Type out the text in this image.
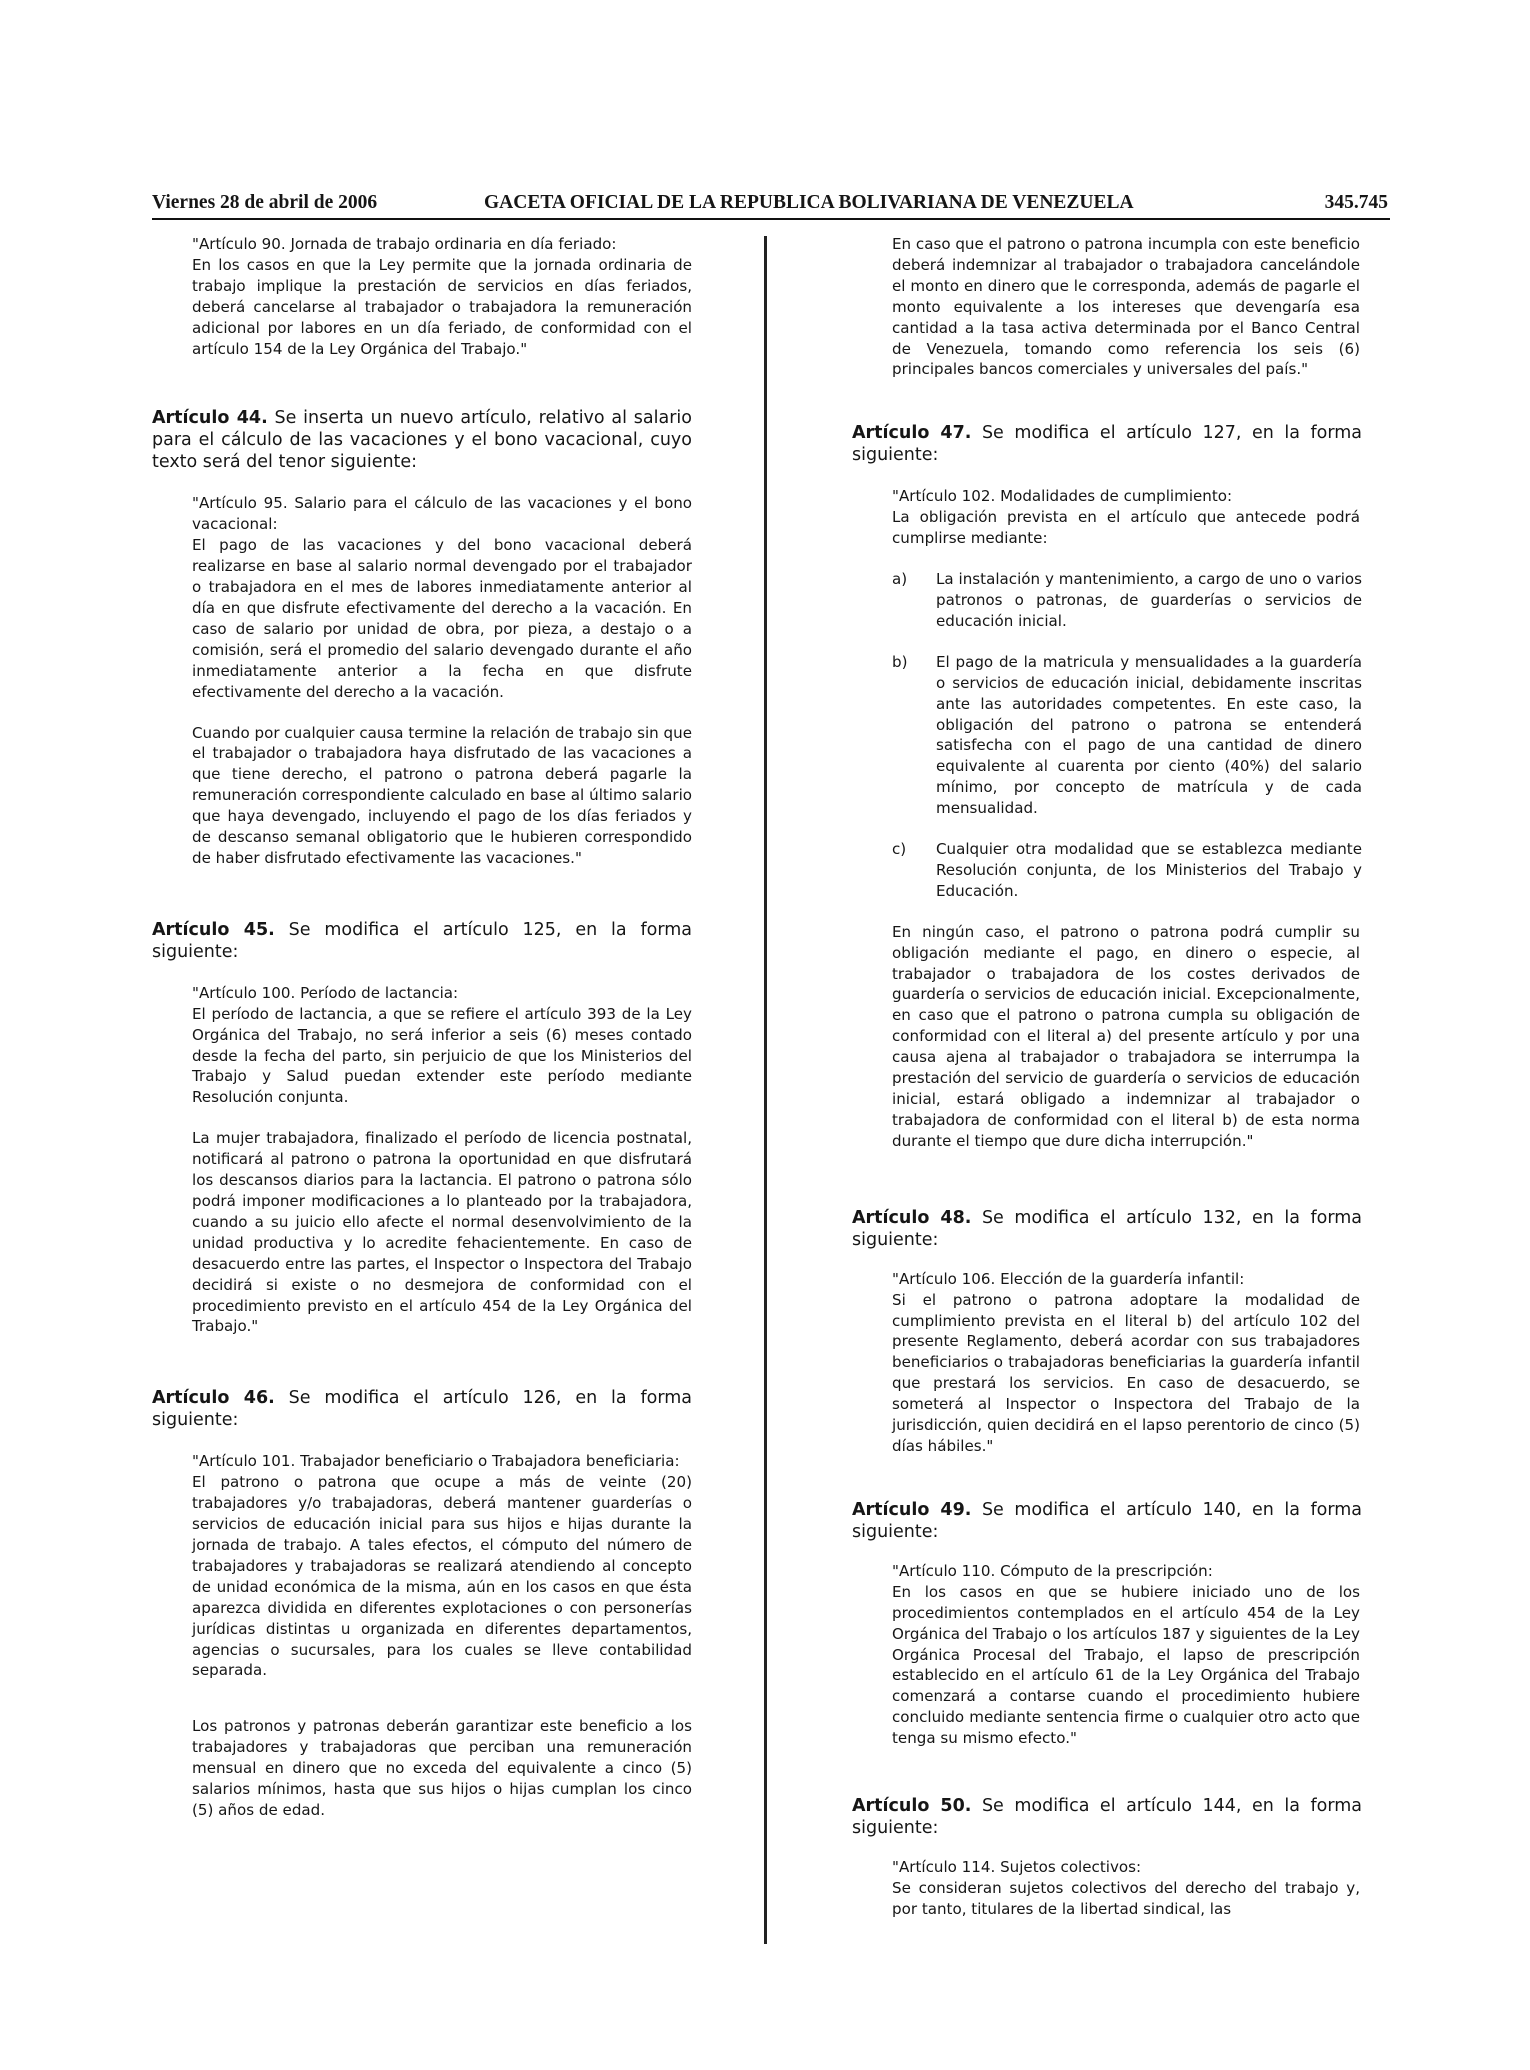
Viernes 28 de abril de 2006	GACETA OFICIAL DE LA REPUBLICA BOLIVARIANA DE VENEZUELA	345.745

"Artículo 90. Jornada de trabajo ordinaria en día feriado:

En los casos en que la Ley permite que la jornada ordinaria de trabajo implique la prestación de servicios en días feriados, deberá cancelarse al trabajador o trabajadora la remuneración adicional por labores en un día feriado, de conformidad con el artículo 154 de la Ley Orgánica del Trabajo."

Artículo 44. Se inserta un nuevo artículo, relativo al salario para el cálculo de las vacaciones y el bono vacacional, cuyo texto será del tenor siguiente:

"Artículo 95. Salario para el cálculo de las vacaciones y el bono vacacional:

El pago de las vacaciones y del bono vacacional deberá realizarse en base al salario normal devengado por el trabajador o trabajadora en el mes de labores inmediatamente anterior al día en que disfrute efectivamente del derecho a la vacación. En caso de salario por unidad de obra, por pieza, a destajo o a comisión, será el promedio del salario devengado durante el año inmediatamente anterior a la fecha en que disfrute efectivamente del derecho a la vacación.

Cuando por cualquier causa termine la relación de trabajo sin que el trabajador o trabajadora haya disfrutado de las vacaciones a que tiene derecho, el patrono o patrona deberá pagarle la remuneración correspondiente calculado en base al último salario que haya devengado, incluyendo el pago de los días feriados y de descanso semanal obligatorio que le hubieren correspondido de haber disfrutado efectivamente las vacaciones."

Artículo 45. Se modifica el artículo 125, en la forma siguiente:

"Artículo 100. Período de lactancia:

El período de lactancia, a que se refiere el artículo 393 de la Ley Orgánica del Trabajo, no será inferior a seis (6) meses contado desde la fecha del parto, sin perjuicio de que los Ministerios del Trabajo y Salud puedan extender este período mediante Resolución conjunta.

La mujer trabajadora, finalizado el período de licencia postnatal, notificará al patrono o patrona la oportunidad en que disfrutará los descansos diarios para la lactancia. El patrono o patrona sólo podrá imponer modificaciones a lo planteado por la trabajadora, cuando a su juicio ello afecte el normal desenvolvimiento de la unidad productiva y lo acredite fehacientemente. En caso de desacuerdo entre las partes, el Inspector o Inspectora del Trabajo decidirá si existe o no desmejora de conformidad con el procedimiento previsto en el artículo 454 de la Ley Orgánica del Trabajo."

Artículo 46. Se modifica el artículo 126, en la forma siguiente:

"Artículo 101. Trabajador beneficiario o Trabajadora beneficiaria:

El patrono o patrona que ocupe a más de veinte (20) trabajadores y/o trabajadoras, deberá mantener guarderías o servicios de educación inicial para sus hijos e hijas durante la jornada de trabajo. A tales efectos, el cómputo del número de trabajadores y trabajadoras se realizará atendiendo al concepto de unidad económica de la misma, aún en los casos en que ésta aparezca dividida en diferentes explotaciones o con personerías jurídicas distintas u organizada en diferentes departamentos, agencias o sucursales, para los cuales se lleve contabilidad separada.

Los patronos y patronas deberán garantizar este beneficio a los trabajadores y trabajadoras que perciban una remuneración mensual en dinero que no exceda del equivalente a cinco (5) salarios mínimos, hasta que sus hijos o hijas cumplan los cinco (5) años de edad.

En caso que el patrono o patrona incumpla con este beneficio deberá indemnizar al trabajador o trabajadora cancelándole el monto en dinero que le corresponda, además de pagarle el monto equivalente a los intereses que devengaría esa cantidad a la tasa activa determinada por el Banco Central de Venezuela, tomando como referencia los seis (6) principales bancos comerciales y universales del país."

Artículo 47. Se modifica el artículo 127, en la forma siguiente:

"Artículo 102. Modalidades de cumplimiento:

La obligación prevista en el artículo que antecede podrá cumplirse mediante:

a)	La instalación y mantenimiento, a cargo de uno o varios patronos o patronas, de guarderías o servicios de educación inicial.
b)	El pago de la matricula y mensualidades a la guardería o servicios de educación inicial, debidamente inscritas ante las autoridades competentes. En este caso, la obligación del patrono o patrona se entenderá satisfecha con el pago de una cantidad de dinero equivalente al cuarenta por ciento (40%) del salario mínimo, por concepto de matrícula y de cada mensualidad.
c)	Cualquier otra modalidad que se establezca mediante Resolución conjunta, de los Ministerios del Trabajo y Educación.

En ningún caso, el patrono o patrona podrá cumplir su obligación mediante el pago, en dinero o especie, al trabajador o trabajadora de los costes derivados de guardería o servicios de educación inicial. Excepcionalmente, en caso que el patrono o patrona cumpla su obligación de conformidad con el literal a) del presente artículo y por una causa ajena al trabajador o trabajadora se interrumpa la prestación del servicio de guardería o servicios de educación inicial, estará obligado a indemnizar al trabajador o trabajadora de conformidad con el literal b) de esta norma durante el tiempo que dure dicha interrupción."

Artículo 48. Se modifica el artículo 132, en la forma siguiente:

"Artículo 106. Elección de la guardería infantil:

Si el patrono o patrona adoptare la modalidad de cumplimiento prevista en el literal b) del artículo 102 del presente Reglamento, deberá acordar con sus trabajadores beneficiarios o trabajadoras beneficiarias la guardería infantil que prestará los servicios. En caso de desacuerdo, se someterá al Inspector o Inspectora del Trabajo de la jurisdicción, quien decidirá en el lapso perentorio de cinco (5) días hábiles."

Artículo 49. Se modifica el artículo 140, en la forma siguiente:

"Artículo 110. Cómputo de la prescripción:

En los casos en que se hubiere iniciado uno de los procedimientos contemplados en el artículo 454 de la Ley Orgánica del Trabajo o los artículos 187 y siguientes de la Ley Orgánica Procesal del Trabajo, el lapso de prescripción establecido en el artículo 61 de la Ley Orgánica del Trabajo comenzará a contarse cuando el procedimiento hubiere concluido mediante sentencia firme o cualquier otro acto que tenga su mismo efecto."

Artículo 50. Se modifica el artículo 144, en la forma siguiente:

"Artículo 114. Sujetos colectivos:

Se consideran sujetos colectivos del derecho del trabajo y, por tanto, titulares de la libertad sindical, las
